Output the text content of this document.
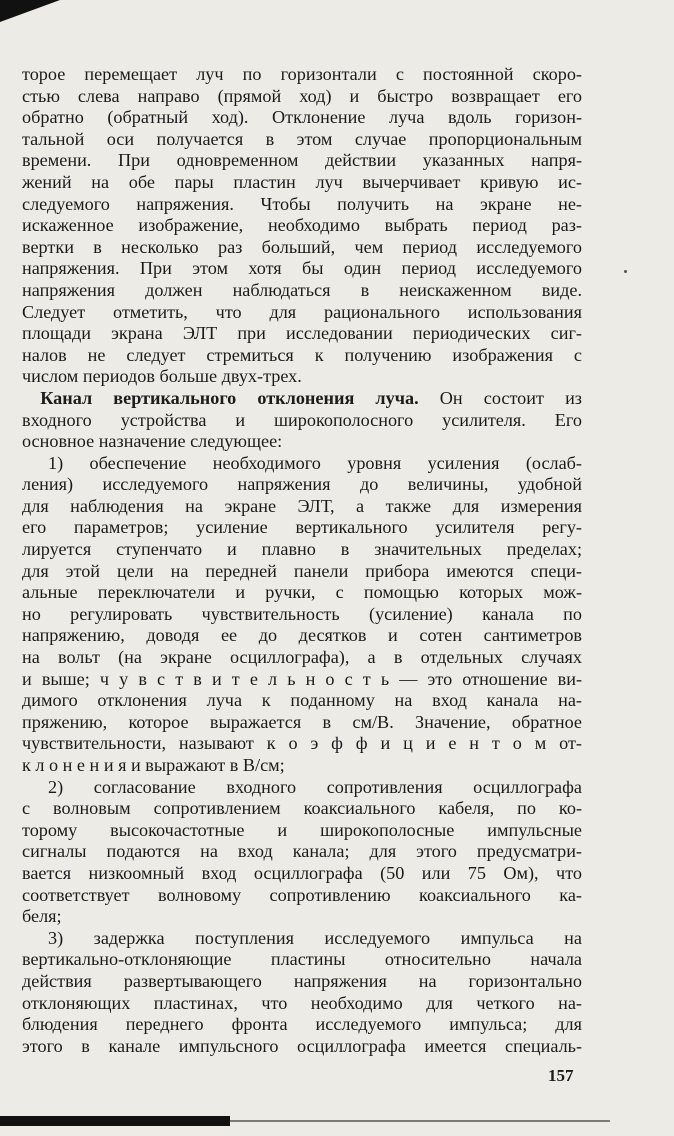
торое перемещает луч по горизонтали с постоянной скоро-
стью слева направо (прямой ход) и быстро возвращает его
обратно (обратный ход). Отклонение луча вдоль горизон-
тальной оси получается в этом случае пропорциональным
времени. При одновременном действии указанных напря-
жений на обе пары пластин луч вычерчивает кривую ис-
следуемого напряжения. Чтобы получить на экране не-
искаженное изображение, необходимо выбрать период раз-
вертки в несколько раз больший, чем период исследуемого
напряжения. При этом хотя бы один период исследуемого
напряжения должен наблюдаться в неискаженном виде.
Следует отметить, что для рационального использования
площади экрана ЭЛТ при исследовании периодических сиг-
налов не следует стремиться к получению изображения с
числом периодов больше двух-трех.
 Канал вертикального отклонения луча. Он состоит из
входного устройства и широкополосного усилителя. Его
основное назначение следующее:
1) обеспечение необходимого уровня усиления (ослаб-
ления) исследуемого напряжения до величины, удобной
для наблюдения на экране ЭЛТ, а также для измерения
его параметров; усиление вертикального усилителя регу-
лируется ступенчато и плавно в значительных пределах;
для этой цели на передней панели прибора имеются специ-
альные переключатели и ручки, с помощью которых мож-
но регулировать чувствительность (усиление) канала по
напряжению, доводя ее до десятков и сотен сантиметров
на вольт (на экране осциллографа), а в отдельных случаях
и выше; ч у в с т в и т е л ь н о с т ь — это отношение ви-
димого отклонения луча к поданному на вход канала на-
пряжению, которое выражается в см/В. Значение, обратное
чувствительности, называют к о э ф ф и ц и е н т о м от-
к л о н е н и я и выражают в В/см;
2) согласование входного сопротивления осциллографа
с волновым сопротивлением коаксиального кабеля, по ко-
торому высокочастотные и широкополосные импульсные
сигналы подаются на вход канала; для этого предусматри-
вается низкоомный вход осциллографа (50 или 75 Ом), что
соответствует волновому сопротивлению коаксиального ка-
беля;
3) задержка поступления исследуемого импульса на
вертикально-отклоняющие пластины относительно начала
действия развертывающего напряжения на горизонтально
отклоняющих пластинах, что необходимо для четкого на-
блюдения переднего фронта исследуемого импульса; для
этого в канале импульсного осциллографа имеется специаль-
157
